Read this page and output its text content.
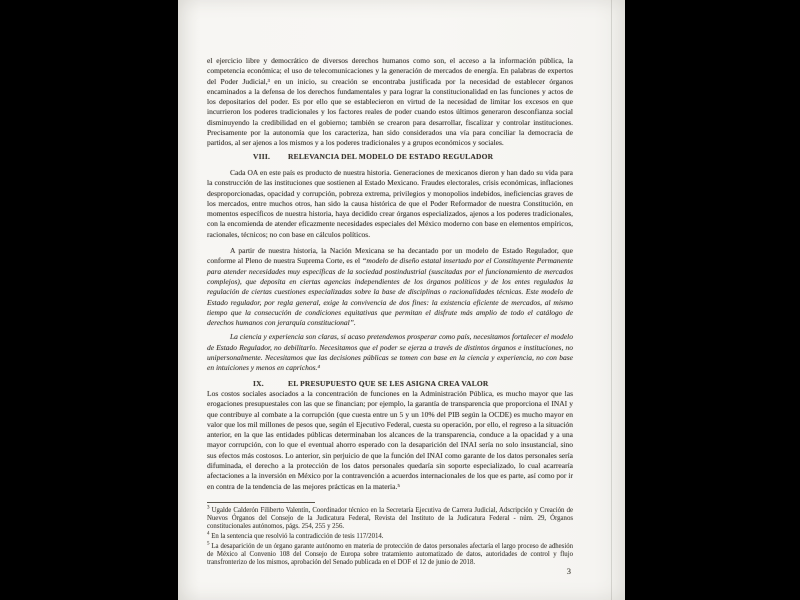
el ejercicio libre y democrático de diversos derechos humanos como son, el acceso a la información pública, la competencia económica; el uso de telecomunicaciones y la generación de mercados de energía. En palabras de expertos del Poder Judicial,³ en un inicio, su creación se encontraba justificada por la necesidad de establecer órganos encaminados a la defensa de los derechos fundamentales y para lograr la constitucionalidad en las funciones y actos de los depositarios del poder. Es por ello que se establecieron en virtud de la necesidad de limitar los excesos en que incurrieron los poderes tradicionales y los factores reales de poder cuando estos últimos generaron desconfianza social disminuyendo la credibilidad en el gobierno; también se crearon para desarrollar, fiscalizar y controlar instituciones. Precisamente por la autonomía que los caracteriza, han sido considerados una vía para conciliar la democracia de partidos, al ser ajenos a los mismos y a los poderes tradicionales y a grupos económicos y sociales.

VIII. RELEVANCIA DEL MODELO DE ESTADO REGULADOR

Cada OA en este país es producto de nuestra historia. Generaciones de mexicanos dieron y han dado su vida para la construcción de las instituciones que sostienen al Estado Mexicano. Fraudes electorales, crisis económicas, inflaciones desproporcionadas, opacidad y corrupción, pobreza extrema, privilegios y monopolios indebidos, ineficiencias graves de los mercados, entre muchos otros, han sido la causa histórica de que el Poder Reformador de nuestra Constitución, en momentos específicos de nuestra historia, haya decidido crear órganos especializados, ajenos a los poderes tradicionales, con la encomienda de atender eficazmente necesidades especiales del México moderno con base en elementos empíricos, racionales, técnicos; no con base en cálculos políticos.

A partir de nuestra historia, la Nación Mexicana se ha decantado por un modelo de Estado Regulador, que conforme al Pleno de nuestra Suprema Corte, es el “modelo de diseño estatal insertado por el Constituyente Permanente para atender necesidades muy específicas de la sociedad postindustrial (suscitadas por el funcionamiento de mercados complejos), que deposita en ciertas agencias independientes de los órganos políticos y de los entes regulados la regulación de ciertas cuestiones especializadas sobre la base de disciplinas o racionalidades técnicas. Este modelo de Estado regulador, por regla general, exige la convivencia de dos fines: la existencia eficiente de mercados, al mismo tiempo que la consecución de condiciones equitativas que permitan el disfrute más amplio de todo el catálogo de derechos humanos con jerarquía constitucional”.

La ciencia y experiencia son claras, si acaso pretendemos prosperar como país, necesitamos fortalecer el modelo de Estado Regulador, no debilitarlo. Necesitamos que el poder se ejerza a través de distintos órganos e instituciones, no unipersonalmente. Necesitamos que las decisiones públicas se tomen con base en la ciencia y experiencia, no con base en intuiciones y menos en caprichos.⁴

IX.	EL PRESUPUESTO QUE SE LES ASIGNA CREA VALOR

Los costos sociales asociados a la concentración de funciones en la Administración Pública, es mucho mayor que las erogaciones presupuestales con las que se financian; por ejemplo, la garantía de transparencia que proporciona el INAI y que contribuye al combate a la corrupción (que cuesta entre un 5 y un 10% del PIB según la OCDE) es mucho mayor en valor que los mil millones de pesos que, según el Ejecutivo Federal, cuesta su operación, por ello, el regreso a la situación anterior, en la que las entidades públicas determinaban los alcances de la transparencia, conduce a la opacidad y a una mayor corrupción, con lo que el eventual ahorro esperado con la desaparición del INAI sería no solo insustancial, sino sus efectos más costosos. Lo anterior, sin perjuicio de que la función del INAI como garante de los datos personales sería difuminada, el derecho a la protección de los datos personales quedaría sin soporte especializado, lo cual acarrearía afectaciones a la inversión en México por la contravención a acuerdos internacionales de los que es parte, así como por ir en contra de la tendencia de las mejores prácticas en la materia.⁵

$^3$ Ugalde Calderón Filiberto Valentín, Coordinador técnico en la Secretaría Ejecutiva de Carrera Judicial, Adscripción y Creación de Nuevos Órganos del Consejo de la Judicatura Federal, Revista del Instituto de la Judicatura Federal - núm. 29, Órganos constitucionales autónomos, págs. 254, 255 y 256.
$^4$ En la sentencia que resolvió la contradicción de tesis 117/2014.
$^5$ La desaparición de un órgano garante autónomo en materia de protección de datos personales afectaría el largo proceso de adhesión de México al Convenio 108 del Consejo de Europa sobre tratamiento automatizado de datos, autoridades de control y flujo transfronterizo de los mismos, aprobación del Senado publicada en el DOF el 12 de junio de 2018.
3
